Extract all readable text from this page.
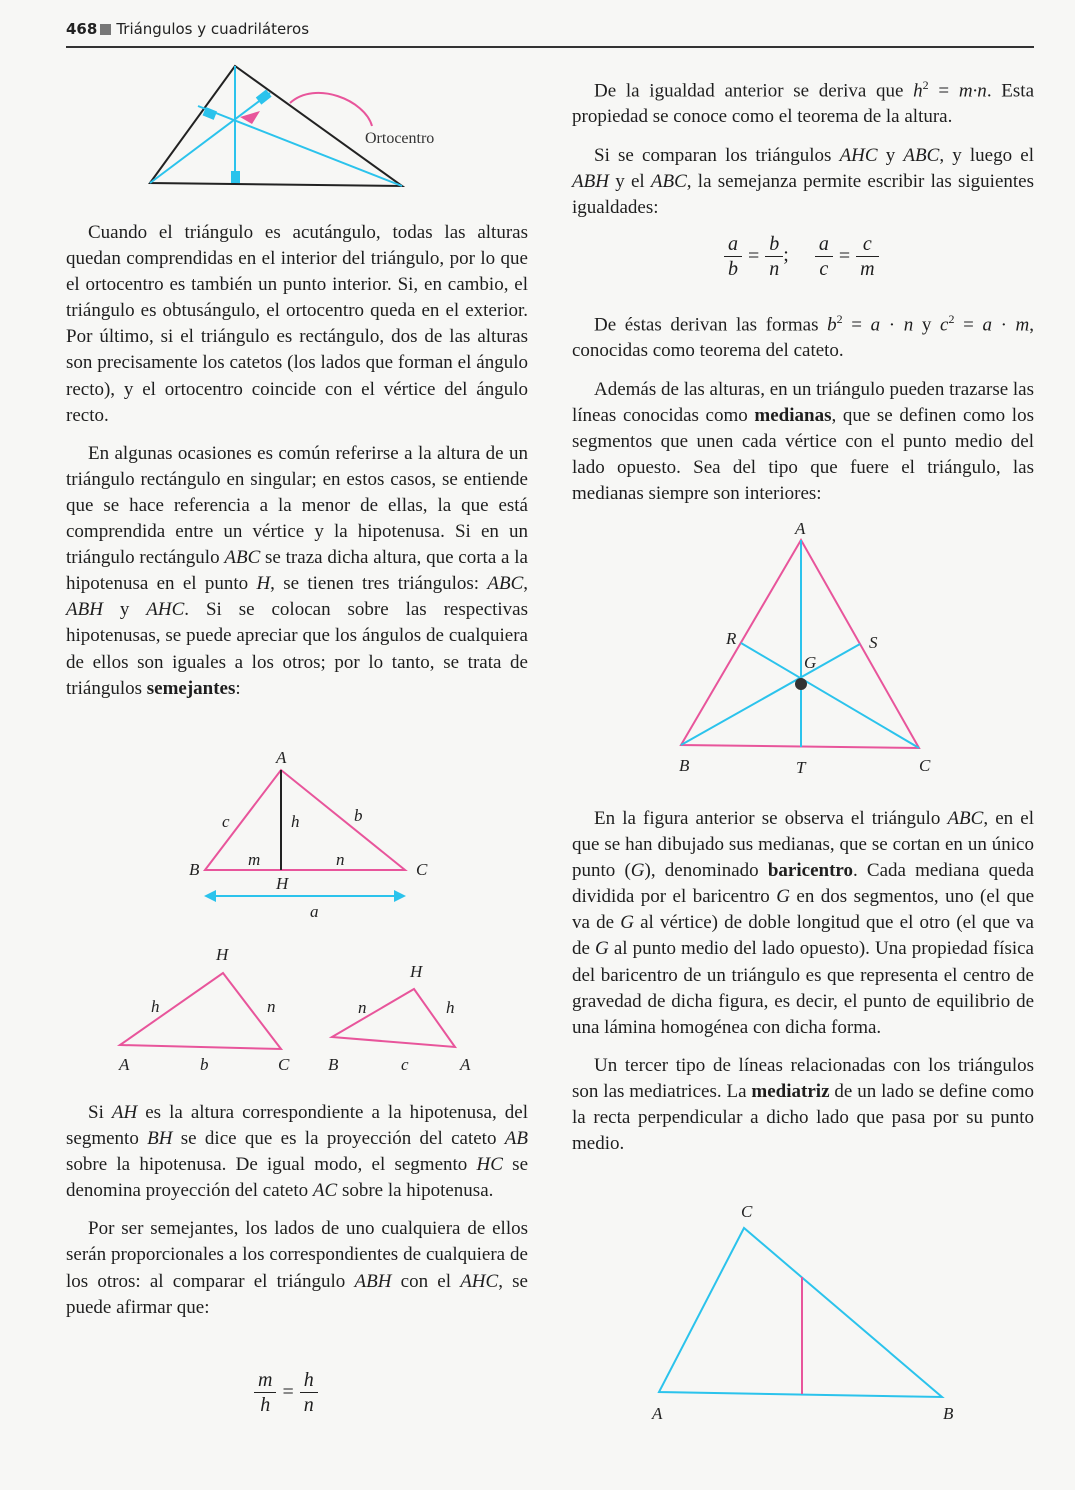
468 Triángulos y cuadriláteros
Ortocentro

Cuando el triángulo es acutángulo, todas las alturas quedan comprendidas en el interior del triángulo, por lo que el ortocentro es también un punto interior. Si, en cambio, el triángulo es obtusángulo, el ortocentro queda en el exterior. Por último, si el triángulo es rectángulo, dos de las alturas son precisamente los catetos (los lados que forman el ángulo recto), y el ortocentro coincide con el vértice del ángulo recto.

En algunas ocasiones es común referirse a la altura de un triángulo rectángulo en singular; en estos casos, se entiende que se hace referencia a la menor de ellas, la que está comprendida entre un vértice y la hipotenusa. Si en un triángulo rectángulo ABC se traza dicha altura, que corta a la hipotenusa en el punto H, se tienen tres triángulos: ABC, ABH y AHC. Si se colocan sobre las respectivas hipotenusas, se puede apreciar que los ángulos de cualquiera de ellos son iguales a los otros; por lo tanto, se trata de triángulos semejantes:

A
c	h	b
B
m	n
C
H
a
H
h	n
A	b	C
H
n	h
B	c	A

Si AH es la altura correspondiente a la hipotenusa, del segmento BH se dice que es la proyección del cateto AB sobre la hipotenusa. De igual modo, el segmento HC se denomina proyección del cateto AC sobre la hipotenusa.

Por ser semejantes, los lados de uno cualquiera de ellos serán proporcionales a los correspondientes de cualquiera de los otros: al comparar el triángulo ABH con el AHC, se puede afirmar que:

$\frac{m}{h} = \frac{h}{n}$

De la igualdad anterior se deriva que $h^2 = m\cdot n$. Esta propiedad se conoce como el teorema de la altura.

Si se comparan los triángulos AHC y ABC, y luego el ABH y el ABC, la semejanza permite escribir las siguientes igualdades:

$\frac{a}{b} = \frac{b}{n}$ ; $\frac{a}{c} = \frac{c}{m}$

De éstas derivan las formas $b^2 = a \cdot n$ y $c^2 = a \cdot m$, conocidas como teorema del cateto.

Además de las alturas, en un triángulo pueden trazarse las líneas conocidas como medianas, que se definen como los segmentos que unen cada vértice con el punto medio del lado opuesto. Sea del tipo que fuere el triángulo, las medianas siempre son interiores:

A
R	S
G
B	T	C

En la figura anterior se observa el triángulo ABC, en el que se han dibujado sus medianas, que se cortan en un único punto (G), denominado baricentro. Cada mediana queda dividida por el baricentro G en dos segmentos, uno (el que va de G al vértice) de doble longitud que el otro (el que va de G al punto medio del lado opuesto). Una propiedad física del baricentro de un triángulo es que representa el centro de gravedad de dicha figura, es decir, el punto de equilibrio de una lámina homogénea con dicha forma.

Un tercer tipo de líneas relacionadas con los triángulos son las mediatrices. La mediatriz de un lado se define como la recta perpendicular a dicho lado que pasa por su punto medio.

C
A	B
